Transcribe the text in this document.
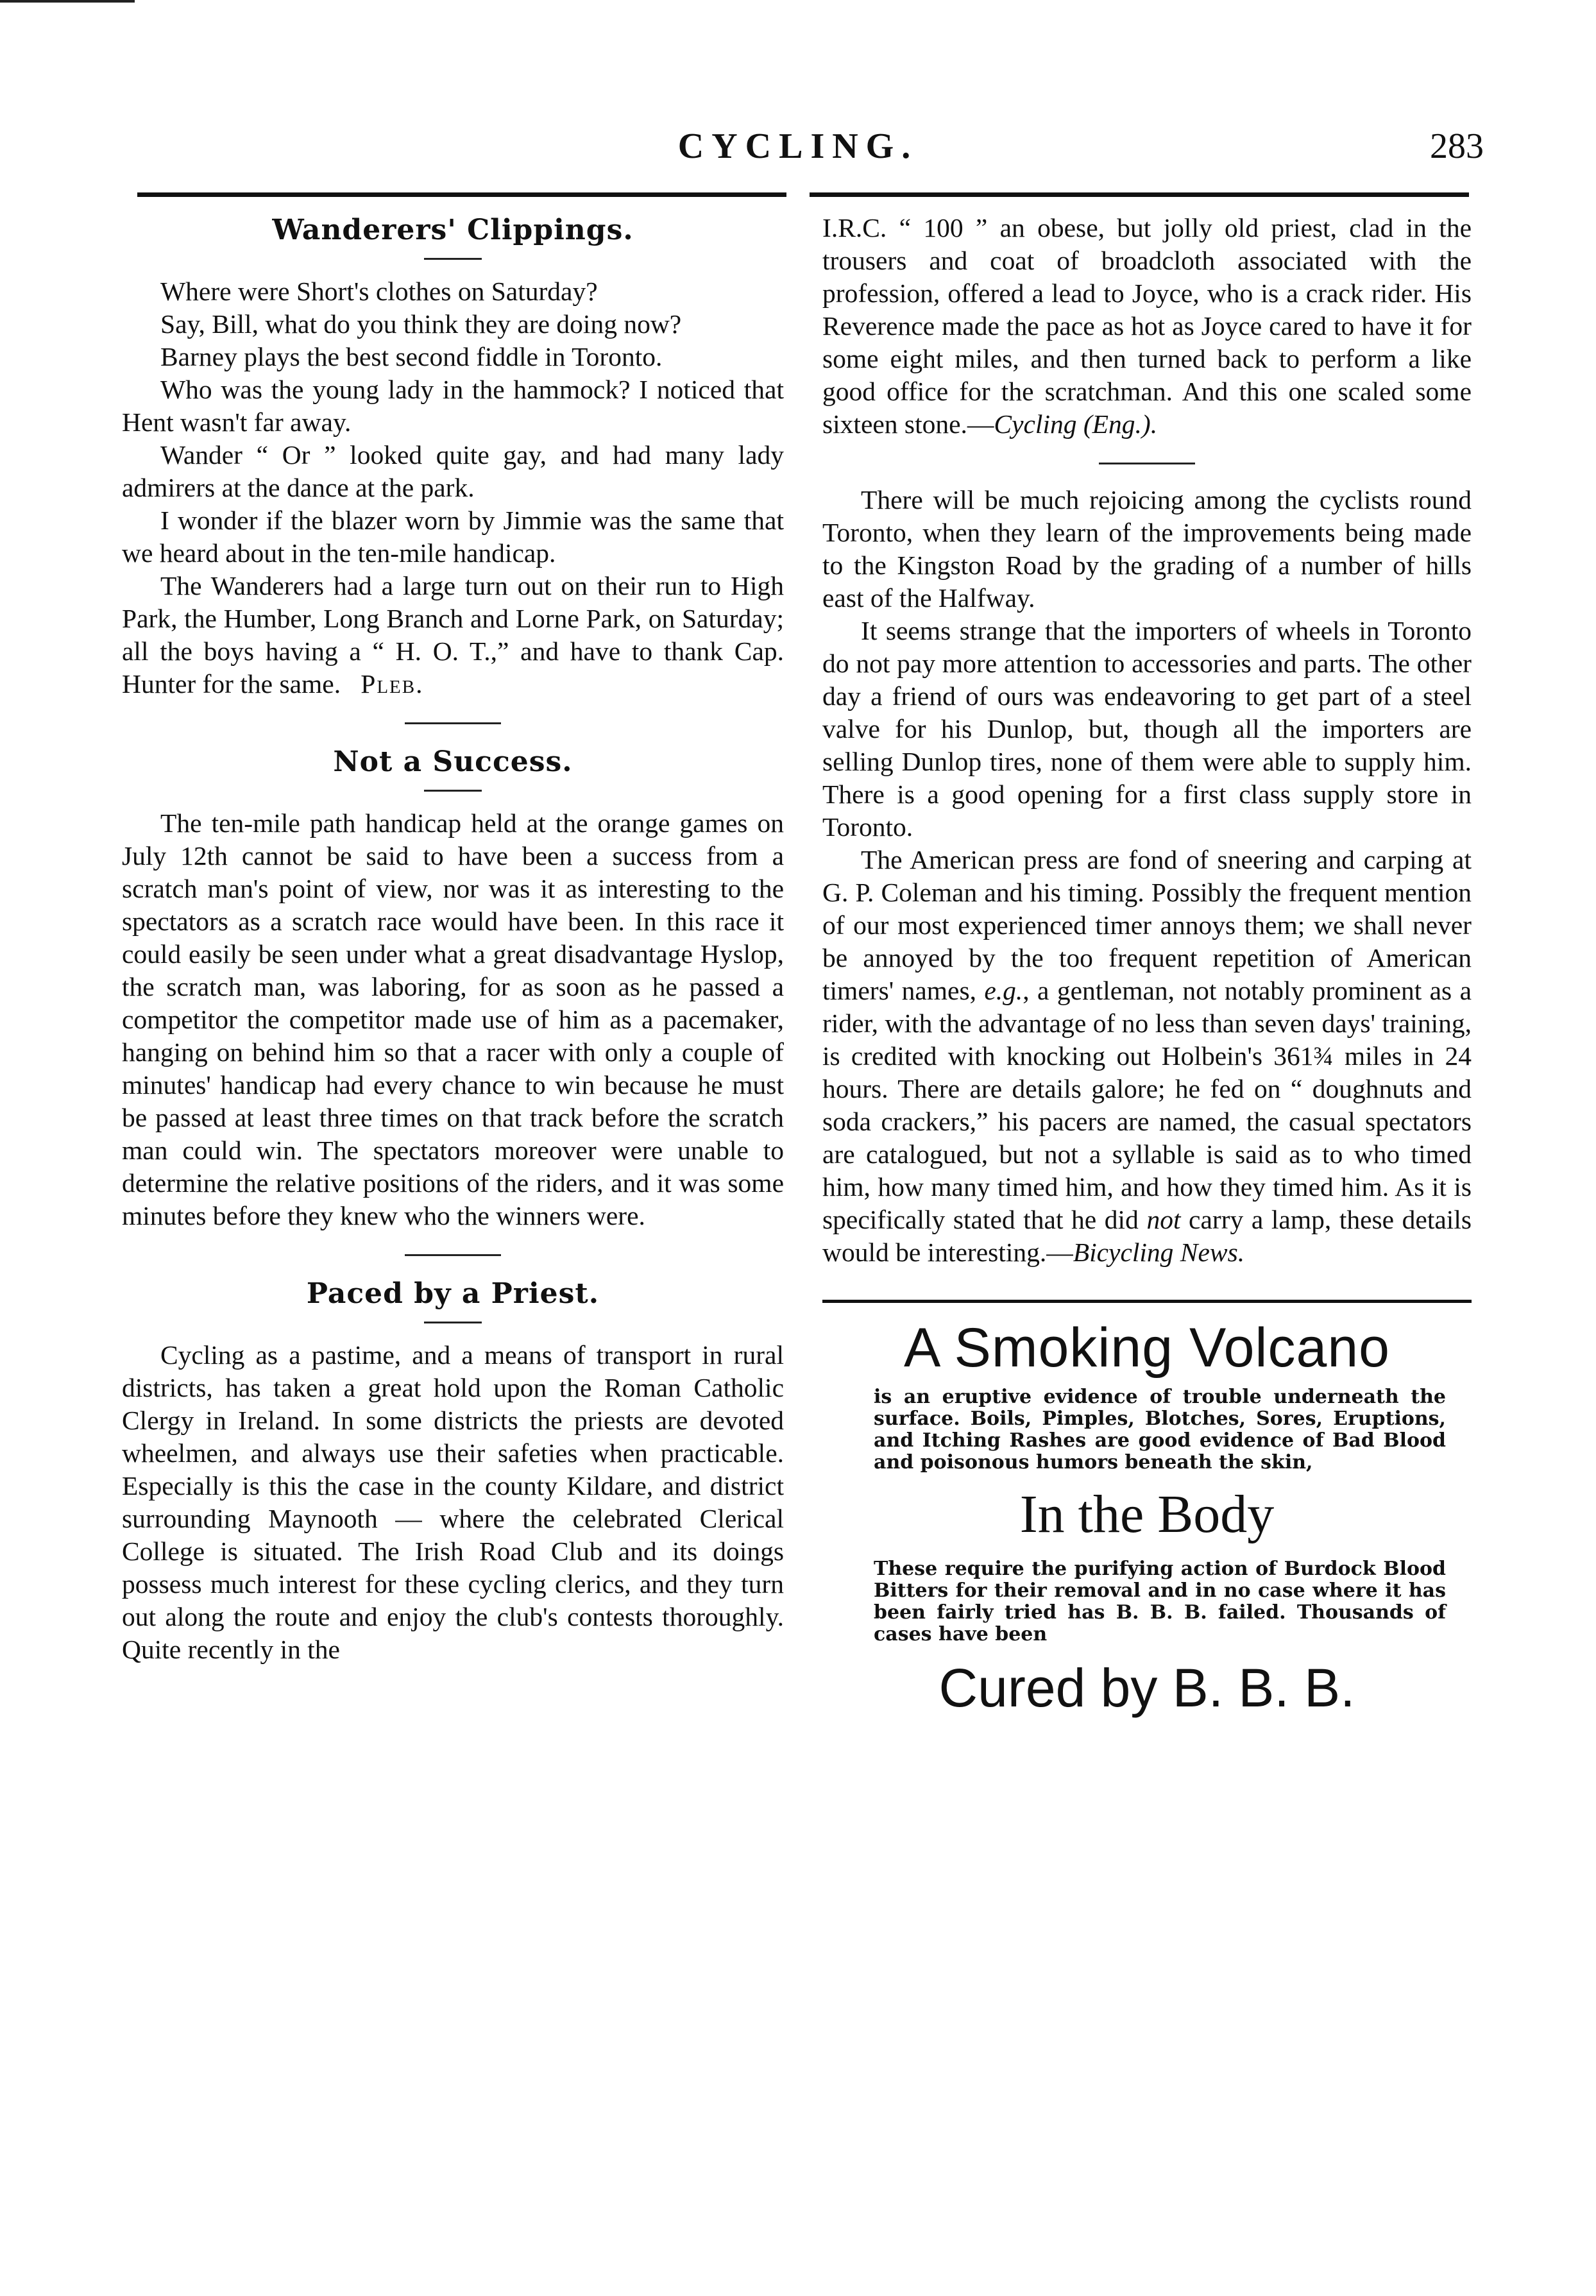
CYCLING.	283
Wanderers' Clippings.

Where were Short's clothes on Saturday?

Say, Bill, what do you think they are doing now?

Barney plays the best second fiddle in Toronto.

Who was the young lady in the hammock? I noticed that Hent wasn't far away.

Wander “ Or ” looked quite gay, and had many lady admirers at the dance at the park.

I wonder if the blazer worn by Jimmie was the same that we heard about in the ten-mile handicap.

The Wanderers had a large turn out on their run to High Park, the Humber, Long Branch and Lorne Park, on Saturday; all the boys having a “ H. O. T.,” and have to thank Cap. Hunter for the same. Pleb.

Not a Success.

The ten-mile path handicap held at the orange games on July 12th cannot be said to have been a success from a scratch man's point of view, nor was it as interesting to the spectators as a scratch race would have been. In this race it could easily be seen under what a great disadvantage Hyslop, the scratch man, was laboring, for as soon as he passed a competitor the competitor made use of him as a pacemaker, hanging on behind him so that a racer with only a couple of minutes' handicap had every chance to win because he must be passed at least three times on that track before the scratch man could win. The spectators moreover were unable to determine the relative positions of the riders, and it was some minutes before they knew who the winners were.

Paced by a Priest.

Cycling as a pastime, and a means of transport in rural districts, has taken a great hold upon the Roman Catholic Clergy in Ireland. In some districts the priests are devoted wheelmen, and always use their safeties when practicable. Especially is this the case in the county Kildare, and district surrounding Maynooth — where the celebrated Clerical College is situated. The Irish Road Club and its doings possess much interest for these cycling clerics, and they turn out along the route and enjoy the club's contests thoroughly. Quite recently in the

I.R.C. “ 100 ” an obese, but jolly old priest, clad in the trousers and coat of broadcloth associated with the profession, offered a lead to Joyce, who is a crack rider. His Reverence made the pace as hot as Joyce cared to have it for some eight miles, and then turned back to perform a like good office for the scratchman. And this one scaled some sixteen stone.—Cycling (Eng.).

There will be much rejoicing among the cyclists round Toronto, when they learn of the improvements being made to the Kingston Road by the grading of a number of hills east of the Halfway.

It seems strange that the importers of wheels in Toronto do not pay more attention to accessories and parts. The other day a friend of ours was endeavoring to get part of a steel valve for his Dunlop, but, though all the importers are selling Dunlop tires, none of them were able to supply him. There is a good opening for a first class supply store in Toronto.

The American press are fond of sneering and carping at G. P. Coleman and his timing. Possibly the frequent mention of our most experienced timer annoys them; we shall never be annoyed by the too frequent repetition of American timers' names, e.g., a gentleman, not notably prominent as a rider, with the advantage of no less than seven days' training, is credited with knocking out Holbein's 361¾ miles in 24 hours. There are details galore; he fed on “ doughnuts and soda crackers,” his pacers are named, the casual spectators are catalogued, but not a syllable is said as to who timed him, how many timed him, and how they timed him. As it is specifically stated that he did not carry a lamp, these details would be interesting.—Bicycling News.

A Smoking Volcano
is an eruptive evidence of trouble underneath the surface. Boils, Pimples, Blotches, Sores, Eruptions, and Itching Rashes are good evidence of Bad Blood and poisonous humors beneath the skin,
In the Body
These require the purifying action of Burdock Blood Bitters for their removal and in no case where it has been fairly tried has B. B. B. failed. Thousands of cases have been
Cured by B. B. B.
